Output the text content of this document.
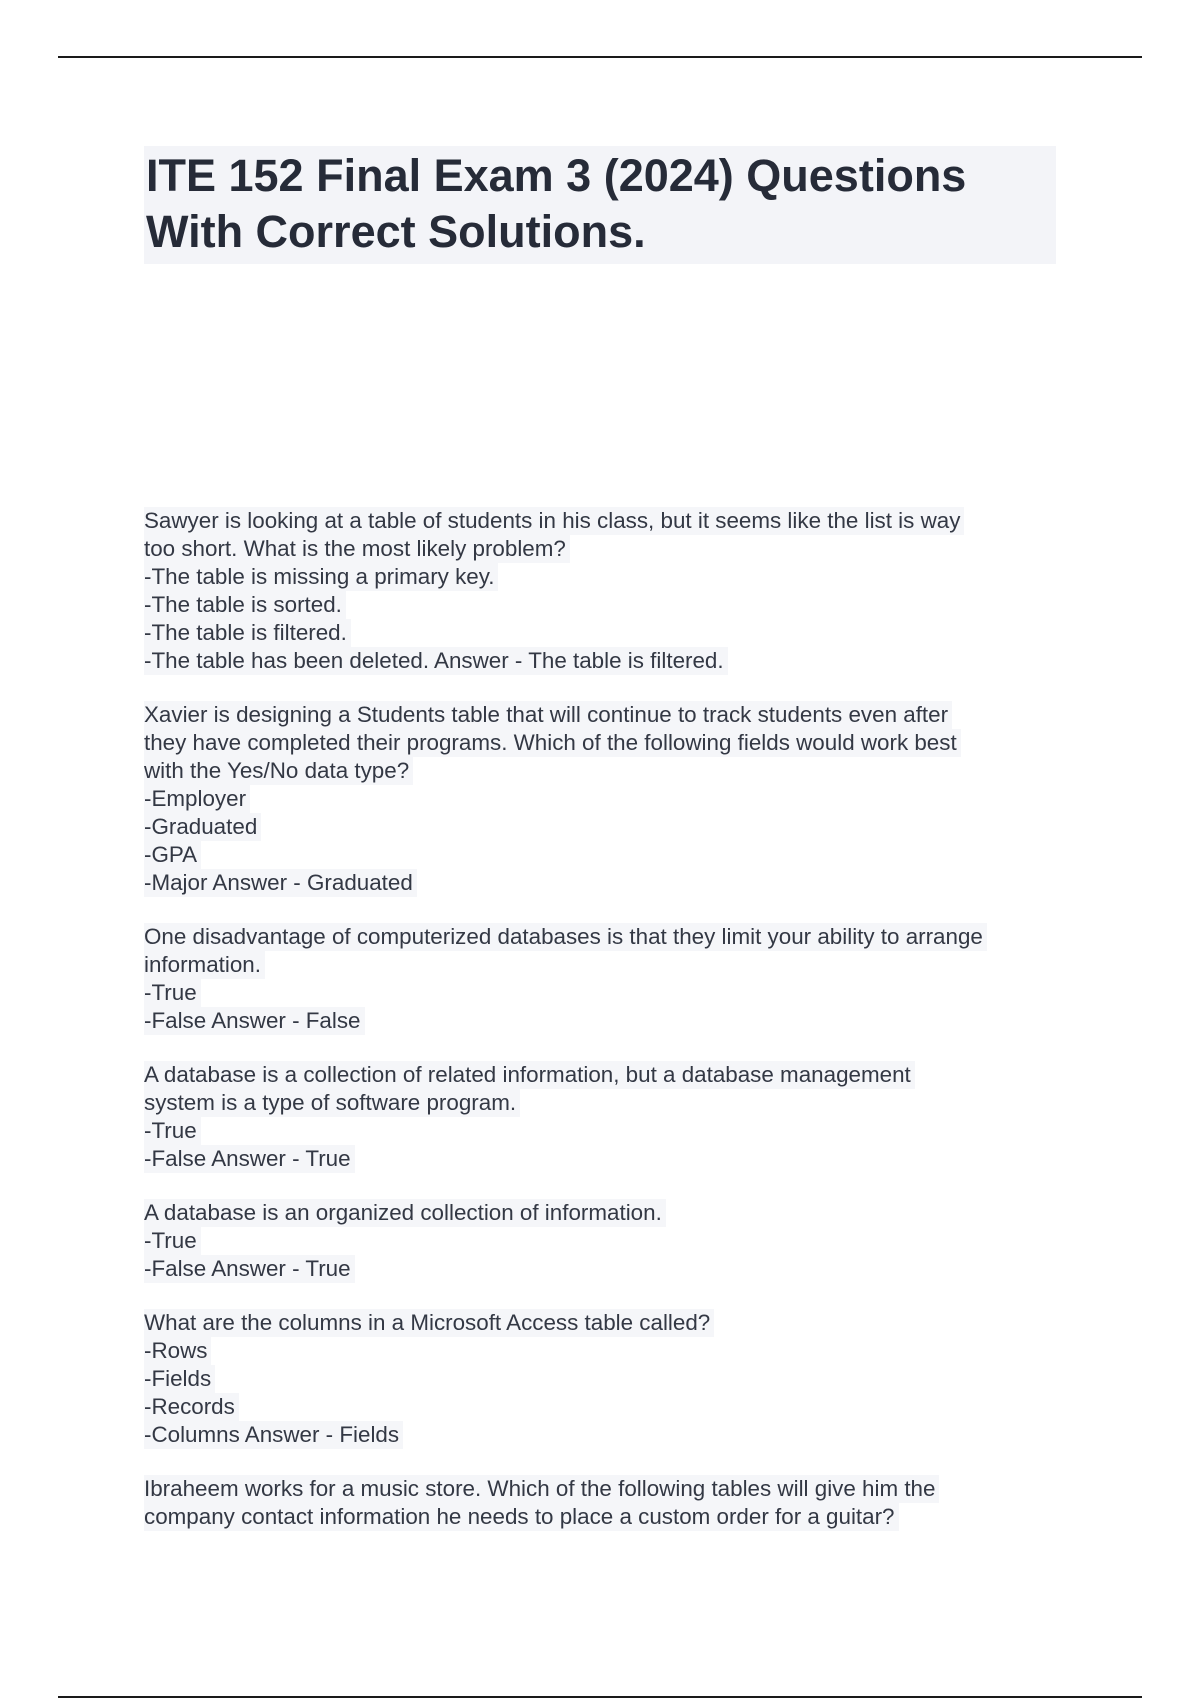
ITE 152 Final Exam 3 (2024) Questions
With Correct Solutions.
Sawyer is looking at a table of students in his class, but it seems like the list is way
too short. What is the most likely problem?
-The table is missing a primary key.
-The table is sorted.
-The table is filtered.
-The table has been deleted. Answer - The table is filtered.
Xavier is designing a Students table that will continue to track students even after
they have completed their programs. Which of the following fields would work best
with the Yes/No data type?
-Employer
-Graduated
-GPA
-Major Answer - Graduated
One disadvantage of computerized databases is that they limit your ability to arrange
information.
-True
-False Answer - False
A database is a collection of related information, but a database management
system is a type of software program.
-True
-False Answer - True
A database is an organized collection of information.
-True
-False Answer - True
What are the columns in a Microsoft Access table called?
-Rows
-Fields
-Records
-Columns Answer - Fields
Ibraheem works for a music store. Which of the following tables will give him the
company contact information he needs to place a custom order for a guitar?
